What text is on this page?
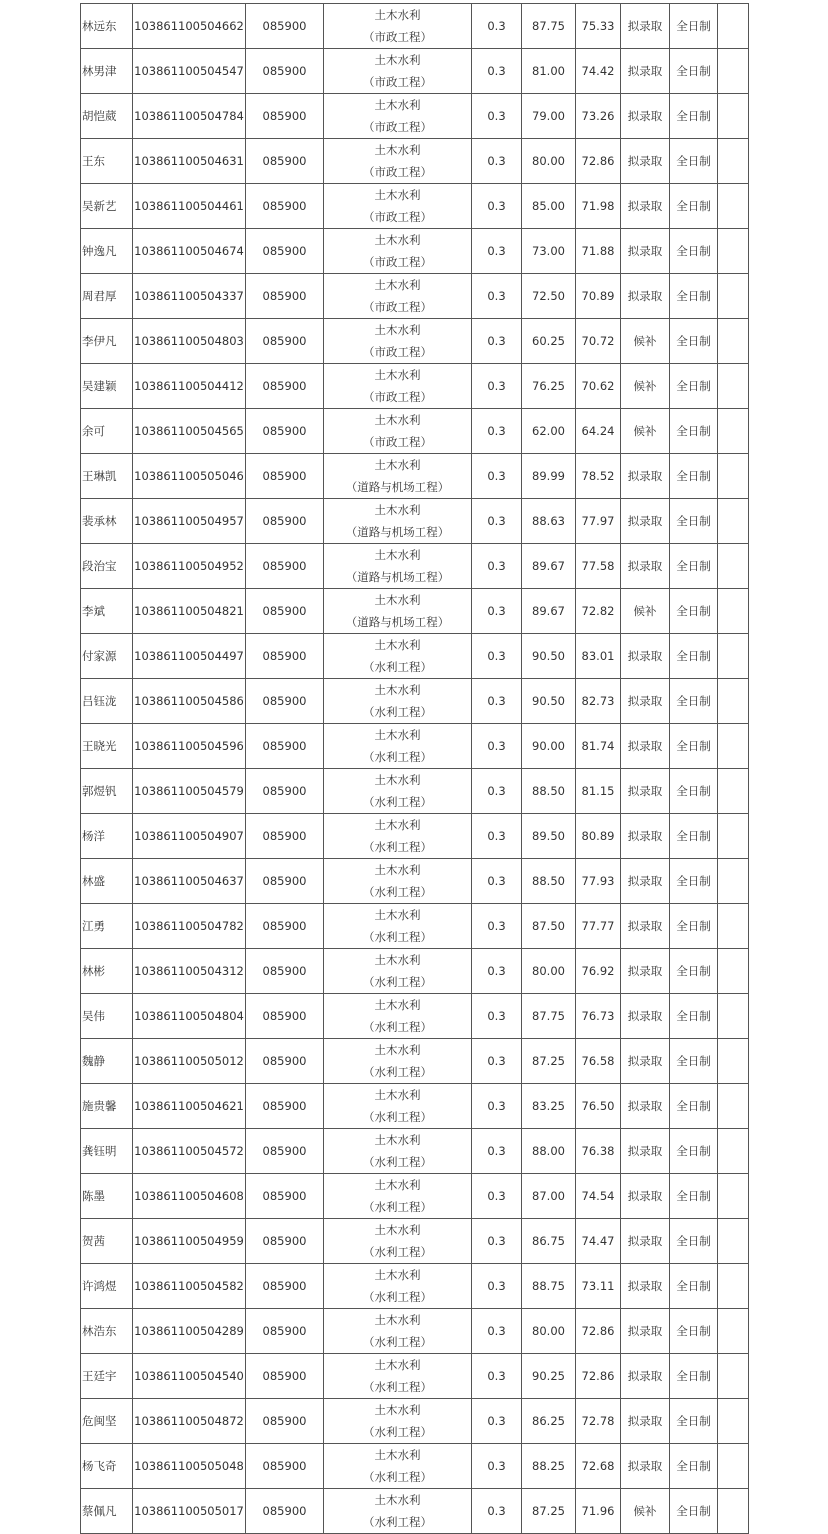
林远东	103861100504662	085900	土木水利
（市政工程）	0.3	87.75	75.33	拟录取	全日制	
林男津	103861100504547	085900	土木水利
（市政工程）	0.3	81.00	74.42	拟录取	全日制	
胡恺葳	103861100504784	085900	土木水利
（市政工程）	0.3	79.00	73.26	拟录取	全日制	
王东	103861100504631	085900	土木水利
（市政工程）	0.3	80.00	72.86	拟录取	全日制	
吴新艺	103861100504461	085900	土木水利
（市政工程）	0.3	85.00	71.98	拟录取	全日制	
钟逸凡	103861100504674	085900	土木水利
（市政工程）	0.3	73.00	71.88	拟录取	全日制	
周君厚	103861100504337	085900	土木水利
（市政工程）	0.3	72.50	70.89	拟录取	全日制	
李伊凡	103861100504803	085900	土木水利
（市政工程）	0.3	60.25	70.72	候补	全日制	
吴建颖	103861100504412	085900	土木水利
（市政工程）	0.3	76.25	70.62	候补	全日制	
余可	103861100504565	085900	土木水利
（市政工程）	0.3	62.00	64.24	候补	全日制	
王琳凯	103861100505046	085900	土木水利
（道路与机场工程）	0.3	89.99	78.52	拟录取	全日制	
裴承林	103861100504957	085900	土木水利
（道路与机场工程）	0.3	88.63	77.97	拟录取	全日制	
段治宝	103861100504952	085900	土木水利
（道路与机场工程）	0.3	89.67	77.58	拟录取	全日制	
李斌	103861100504821	085900	土木水利
（道路与机场工程）	0.3	89.67	72.82	候补	全日制	
付家源	103861100504497	085900	土木水利
（水利工程）	0.3	90.50	83.01	拟录取	全日制	
吕钰泷	103861100504586	085900	土木水利
（水利工程）	0.3	90.50	82.73	拟录取	全日制	
王晓光	103861100504596	085900	土木水利
（水利工程）	0.3	90.00	81.74	拟录取	全日制	
郭煜钒	103861100504579	085900	土木水利
（水利工程）	0.3	88.50	81.15	拟录取	全日制	
杨洋	103861100504907	085900	土木水利
（水利工程）	0.3	89.50	80.89	拟录取	全日制	
林盛	103861100504637	085900	土木水利
（水利工程）	0.3	88.50	77.93	拟录取	全日制	
江勇	103861100504782	085900	土木水利
（水利工程）	0.3	87.50	77.77	拟录取	全日制	
林彬	103861100504312	085900	土木水利
（水利工程）	0.3	80.00	76.92	拟录取	全日制	
吴伟	103861100504804	085900	土木水利
（水利工程）	0.3	87.75	76.73	拟录取	全日制	
魏静	103861100505012	085900	土木水利
（水利工程）	0.3	87.25	76.58	拟录取	全日制	
施贵馨	103861100504621	085900	土木水利
（水利工程）	0.3	83.25	76.50	拟录取	全日制	
龚钰明	103861100504572	085900	土木水利
（水利工程）	0.3	88.00	76.38	拟录取	全日制	
陈墨	103861100504608	085900	土木水利
（水利工程）	0.3	87.00	74.54	拟录取	全日制	
贺茜	103861100504959	085900	土木水利
（水利工程）	0.3	86.75	74.47	拟录取	全日制	
许鸿煜	103861100504582	085900	土木水利
（水利工程）	0.3	88.75	73.11	拟录取	全日制	
林浩东	103861100504289	085900	土木水利
（水利工程）	0.3	80.00	72.86	拟录取	全日制	
王廷宇	103861100504540	085900	土木水利
（水利工程）	0.3	90.25	72.86	拟录取	全日制	
危闽坚	103861100504872	085900	土木水利
（水利工程）	0.3	86.25	72.78	拟录取	全日制	
杨飞奇	103861100505048	085900	土木水利
（水利工程）	0.3	88.25	72.68	拟录取	全日制	
蔡佩凡	103861100505017	085900	土木水利
（水利工程）	0.3	87.25	71.96	候补	全日制	
